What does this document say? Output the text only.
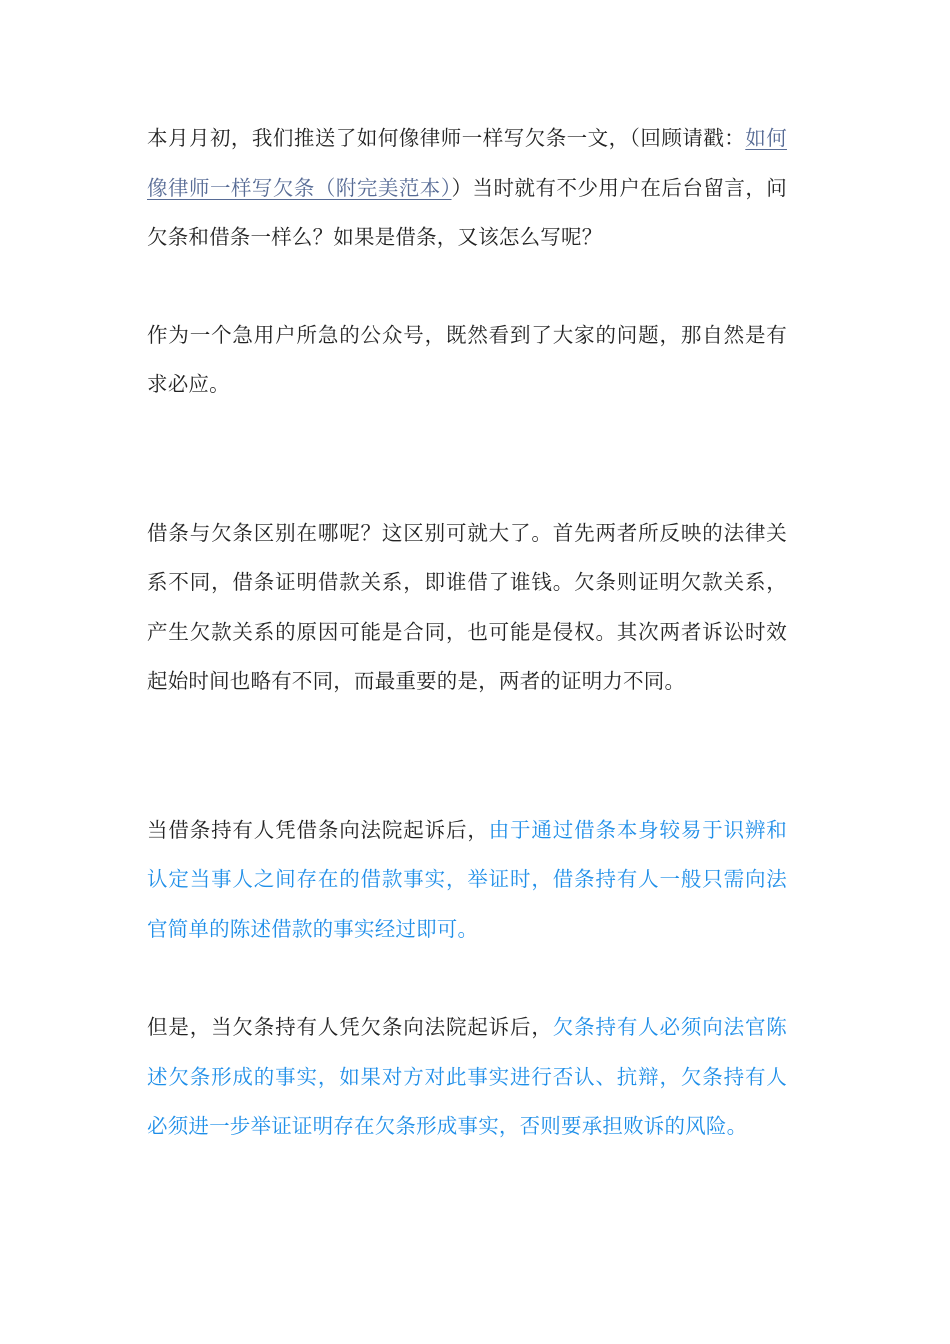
本月月初，我们推送了如何像律师一样写欠条一文，（回顾请戳：如何像律师一样写欠条（附完美范本））当时就有不少用户在后台留言，问欠条和借条一样么？如果是借条，又该怎么写呢？

作为一个急用户所急的公众号，既然看到了大家的问题，那自然是有求必应。

借条与欠条区别在哪呢？这区别可就大了。首先两者所反映的法律关系不同，借条证明借款关系，即谁借了谁钱。欠条则证明欠款关系，产生欠款关系的原因可能是合同，也可能是侵权。其次两者诉讼时效起始时间也略有不同，而最重要的是，两者的证明力不同。

当借条持有人凭借条向法院起诉后，由于通过借条本身较易于识辨和认定当事人之间存在的借款事实，举证时，借条持有人一般只需向法官简单的陈述借款的事实经过即可。

但是，当欠条持有人凭欠条向法院起诉后，欠条持有人必须向法官陈述欠条形成的事实，如果对方对此事实进行否认、抗辩，欠条持有人必须进一步举证证明存在欠条形成事实，否则要承担败诉的风险。
